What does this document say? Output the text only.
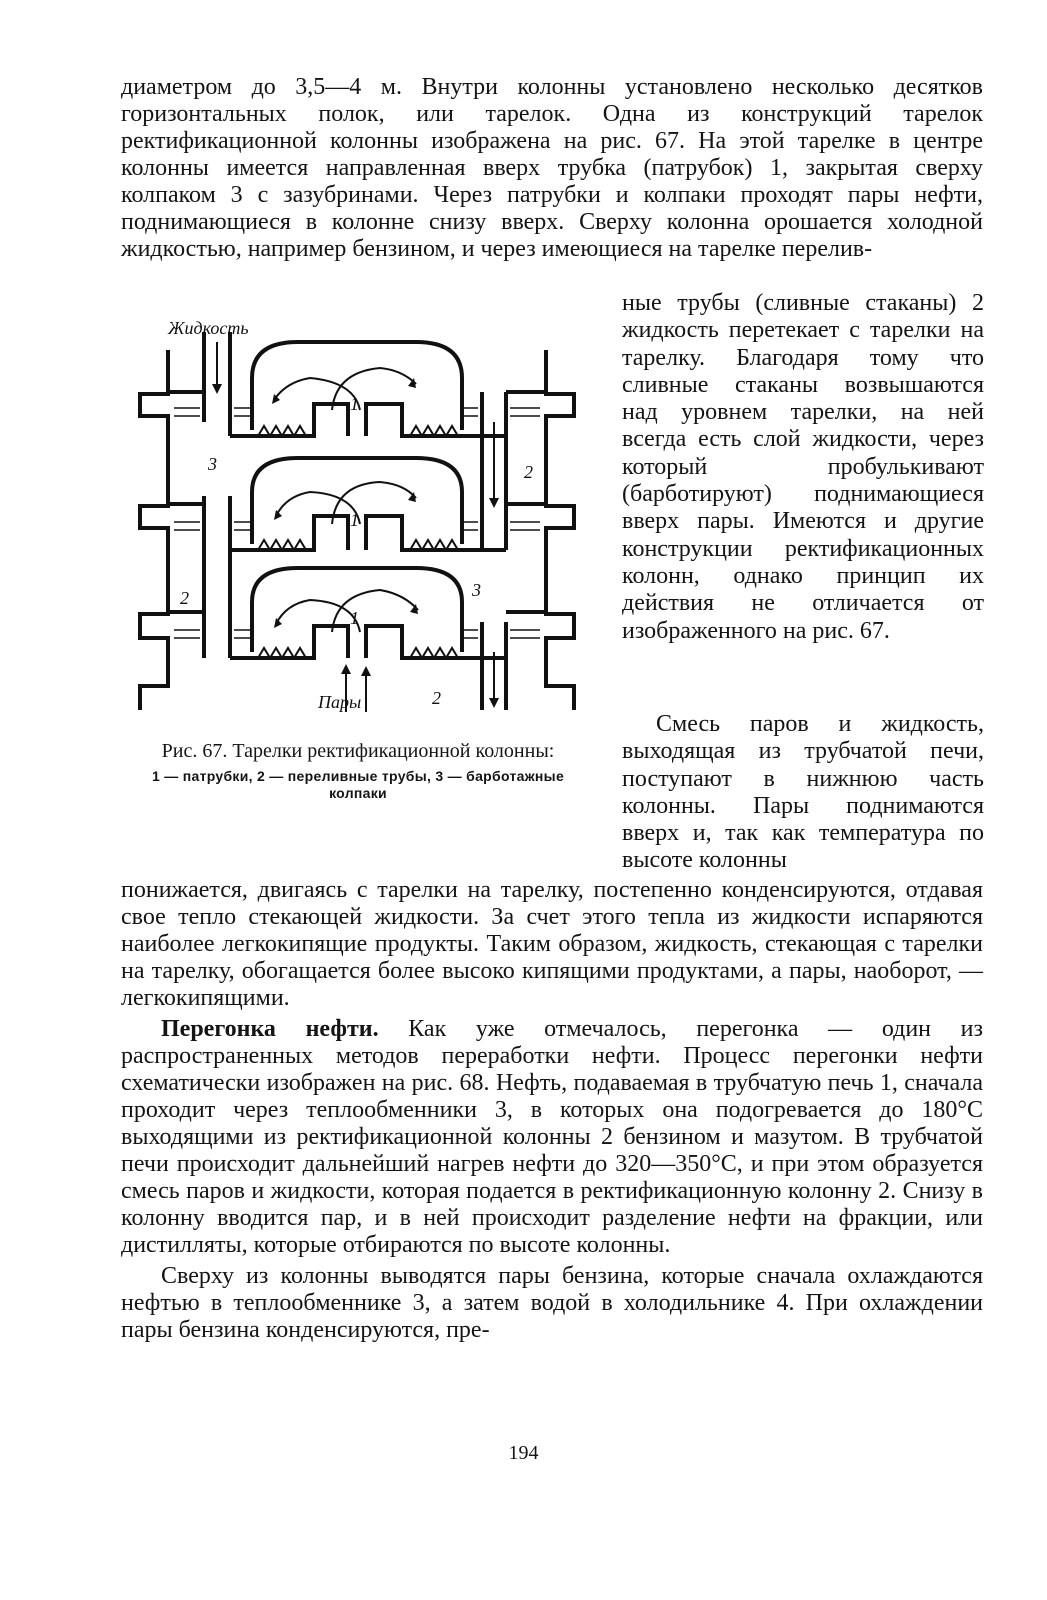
диаметром до 3,5—4 м. Внутри колонны установлено несколько десятков горизонтальных полок, или тарелок. Одна из конструкций тарелок ректификационной колонны изображена на рис. 67. На этой тарелке в центре колонны имеется направленная вверх трубка (патрубок) 1, закрытая сверху колпаком 3 с зазубринами. Через патрубки и колпаки проходят пары нефти, поднимающиеся в колонне снизу вверх. Сверху колонна орошается холодной жидкостью, например бензином, и через имеющиеся на тарелке перелив-

Жидкость
Пары
1
1
1
2
2
2
3
3
Рис. 67. Тарелки ректификационной колонны:
1 — патрубки, 2 — переливные трубы, 3 — барботажные колпаки
ные трубы (сливные стаканы) 2 жидкость перетекает с тарелки на тарелку. Благодаря тому что сливные стаканы возвышаются над уровнем тарелки, на ней всегда есть слой жидкости, через который пробулькивают (барботируют) поднимающиеся вверх пары. Имеются и другие конструкции ректификационных колонн, однако принцип их действия не отличается от изображенного на рис. 67.
Смесь паров и жидкость, выходящая из трубчатой печи, поступают в нижнюю часть колонны. Пары поднимаются вверх и, так как температура по высоте колонны

понижается, двигаясь с тарелки на тарелку, постепенно конденсируются, отдавая свое тепло стекающей жидкости. За счет этого тепла из жидкости испаряются наиболее легкокипящие продукты. Таким образом, жидкость, стекающая с тарелки на тарелку, обогащается более высоко кипящими продуктами, а пары, наоборот, — легкокипящими.

Перегонка нефти. Как уже отмечалось, перегонка — один из распространенных методов переработки нефти. Процесс перегонки нефти схематически изображен на рис. 68. Нефть, подаваемая в трубчатую печь 1, сначала проходит через теплообменники 3, в которых она подогревается до 180°С выходящими из ректификационной колонны 2 бензином и мазутом. В трубчатой печи происходит дальнейший нагрев нефти до 320—350°С, и при этом образуется смесь паров и жидкости, которая подается в ректификационную колонну 2. Снизу в колонну вводится пар, и в ней происходит разделение нефти на фракции, или дистилляты, которые отбираются по высоте колонны.

Сверху из колонны выводятся пары бензина, которые сначала охлаждаются нефтью в теплообменнике 3, а затем водой в холодильнике 4. При охлаждении пары бензина конденсируются, пре-

194
